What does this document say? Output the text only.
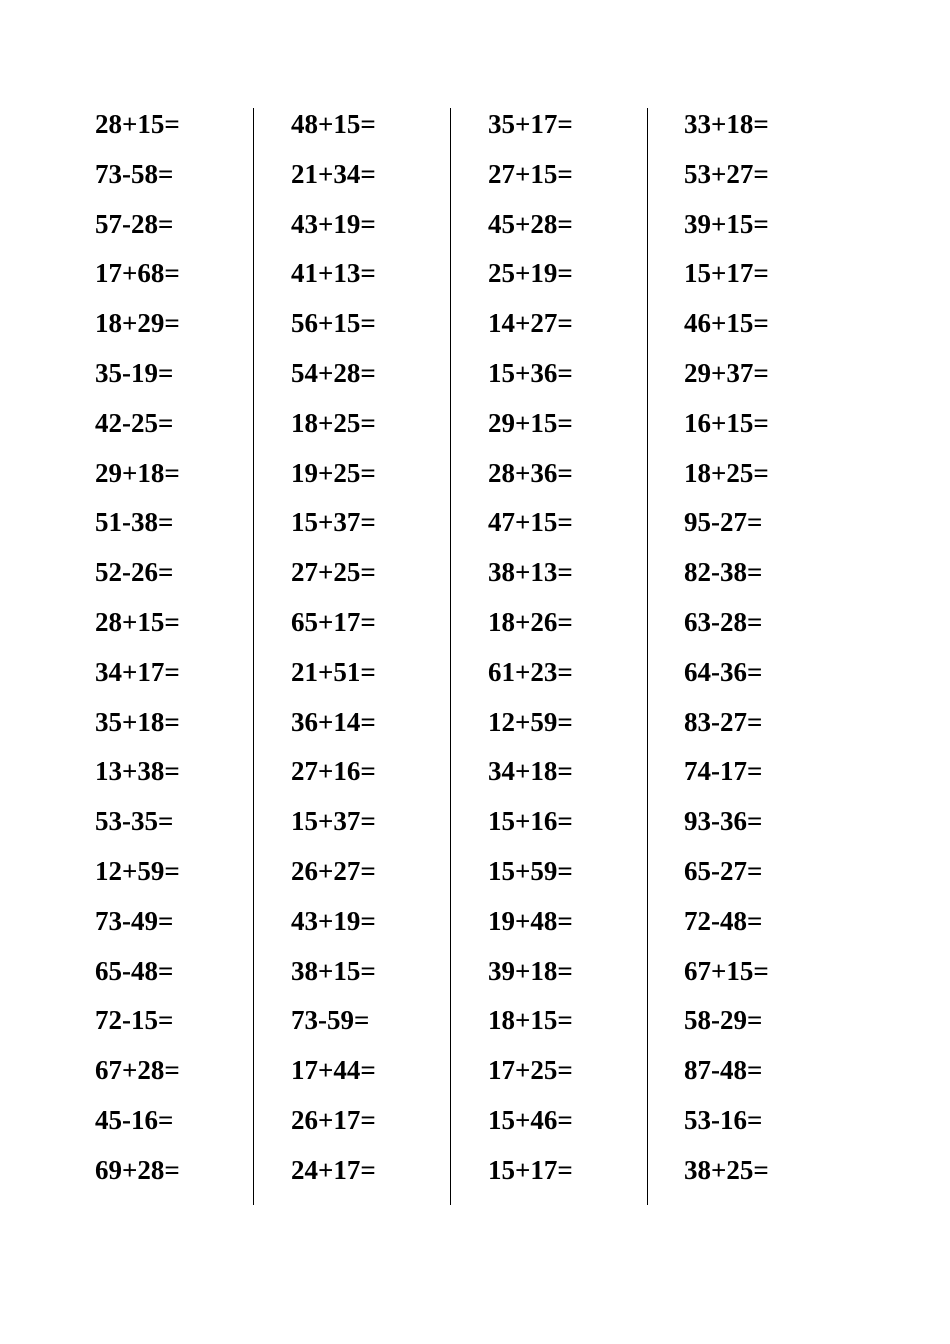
28+15=
73-58=
57-28=
17+68=
18+29=
35-19=
42-25=
29+18=
51-38=
52-26=
28+15=
34+17=
35+18=
13+38=
53-35=
12+59=
73-49=
65-48=
72-15=
67+28=
45-16=
69+28=
48+15=
21+34=
43+19=
41+13=
56+15=
54+28=
18+25=
19+25=
15+37=
27+25=
65+17=
21+51=
36+14=
27+16=
15+37=
26+27=
43+19=
38+15=
73-59=
17+44=
26+17=
24+17=
35+17=
27+15=
45+28=
25+19=
14+27=
15+36=
29+15=
28+36=
47+15=
38+13=
18+26=
61+23=
12+59=
34+18=
15+16=
15+59=
19+48=
39+18=
18+15=
17+25=
15+46=
15+17=
33+18=
53+27=
39+15=
15+17=
46+15=
29+37=
16+15=
18+25=
95-27=
82-38=
63-28=
64-36=
83-27=
74-17=
93-36=
65-27=
72-48=
67+15=
58-29=
87-48=
53-16=
38+25=
